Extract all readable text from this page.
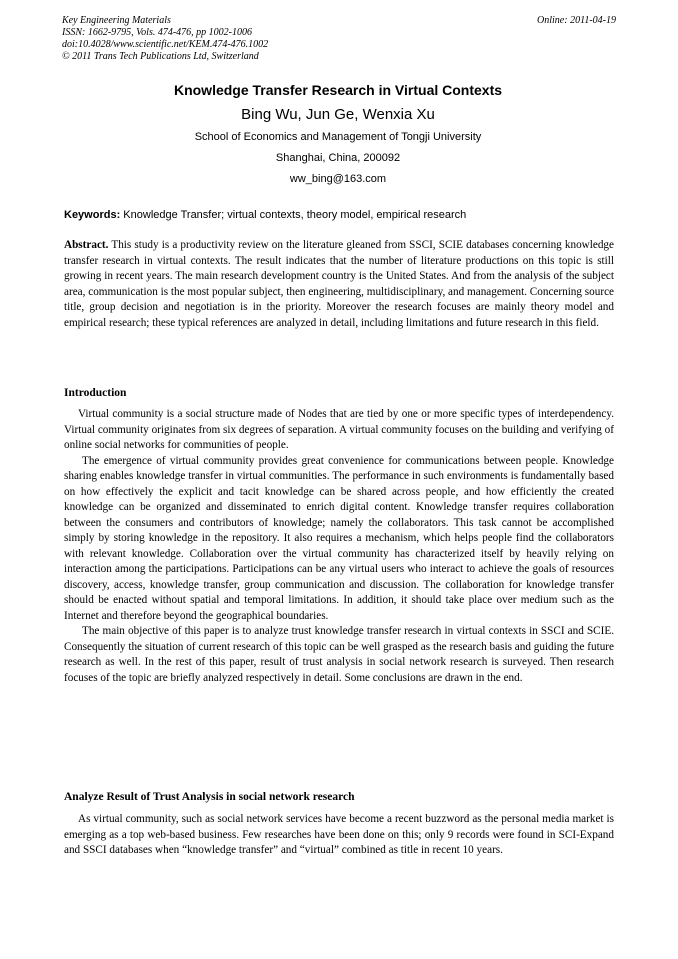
Key Engineering Materials
ISSN: 1662-9795, Vols. 474-476, pp 1002-1006
doi:10.4028/www.scientific.net/KEM.474-476.1002
© 2011 Trans Tech Publications Ltd, Switzerland
Online: 2011-04-19
Knowledge Transfer Research in Virtual Contexts
Bing Wu, Jun Ge, Wenxia Xu
School of Economics and Management of Tongji University
Shanghai, China, 200092
ww_bing@163.com
Keywords: Knowledge Transfer; virtual contexts, theory model, empirical research

Abstract. This study is a productivity review on the literature gleaned from SSCI, SCIE databases concerning knowledge transfer research in virtual contexts. The result indicates that the number of literature productions on this topic is still growing in recent years. The main research development country is the United States. And from the analysis of the subject area, communication is the most popular subject, then engineering, multidisciplinary, and management. Concerning source title, group decision and negotiation is in the priority. Moreover the research focuses are mainly theory model and empirical research; these typical references are analyzed in detail, including limitations and future research in this field.

Introduction

Virtual community is a social structure made of Nodes that are tied by one or more specific types of interdependency. Virtual community originates from six degrees of separation. A virtual community focuses on the building and verifying of online social networks for communities of people.

The emergence of virtual community provides great convenience for communications between people. Knowledge sharing enables knowledge transfer in virtual communities. The performance in such environments is fundamentally based on how effectively the explicit and tacit knowledge can be shared across people, and how efficiently the created knowledge can be organized and disseminated to enrich digital content. Knowledge transfer requires collaboration between the consumers and contributors of knowledge; namely the collaborators. This task cannot be accomplished simply by storing knowledge in the repository. It also requires a mechanism, which helps people find the collaborators with relevant knowledge. Collaboration over the virtual community has characterized itself by heavily relying on interaction among the participations. Participations can be any virtual users who interact to achieve the goals of resources discovery, access, knowledge transfer, group communication and discussion. The collaboration for knowledge transfer should be enacted without spatial and temporal limitations. In addition, it should take place over medium such as the Internet and therefore beyond the geographical boundaries.

The main objective of this paper is to analyze trust knowledge transfer research in virtual contexts in SSCI and SCIE. Consequently the situation of current research of this topic can be well grasped as the research basis and guiding the future research as well. In the rest of this paper, result of trust analysis in social network research is surveyed. Then research focuses of the topic are briefly analyzed respectively in detail. Some conclusions are drawn in the end.

Analyze Result of Trust Analysis in social network research

As virtual community, such as social network services have become a recent buzzword as the personal media market is emerging as a top web-based business. Few researches have been done on this; only 9 records were found in SCI-Expand and SSCI databases when “knowledge transfer” and “virtual” combined as title in recent 10 years.
